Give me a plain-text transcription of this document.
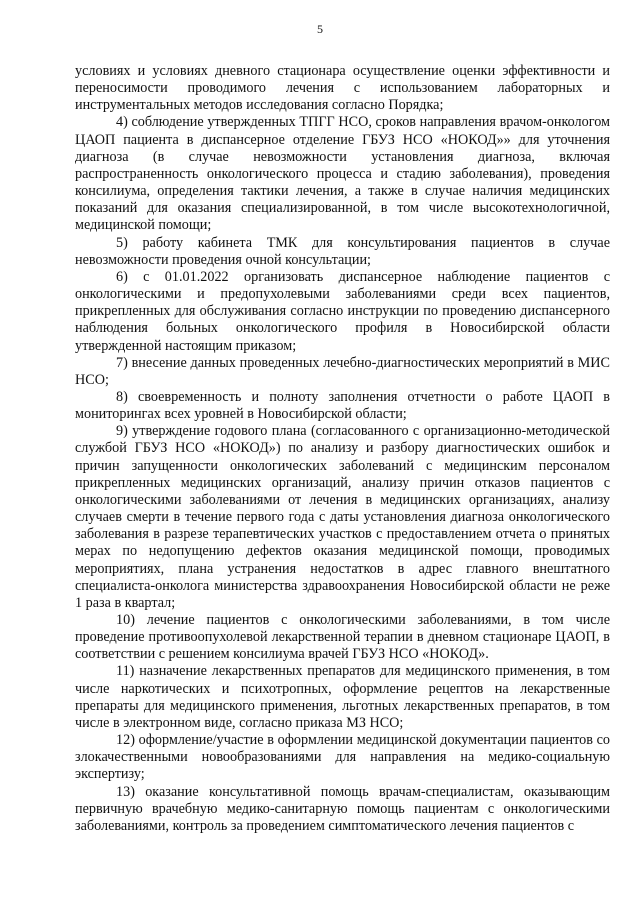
5

условиях и условиях дневного стационара осуществление оценки эффективности и переносимости проводимого лечения с использованием лабораторных и инструментальных методов исследования согласно Порядка;

4) соблюдение утвержденных ТПГГ НСО, сроков направления врачом-онкологом ЦАОП пациента в диспансерное отделение ГБУЗ НСО «НОКОД»» для уточнения диагноза (в случае невозможности установления диагноза, включая распространенность онкологического процесса и стадию заболевания), проведения консилиума, определения тактики лечения, а также в случае наличия медицинских показаний для оказания специализированной, в том числе высокотехнологичной, медицинской помощи;

5) работу кабинета ТМК для консультирования пациентов в случае невозможности проведения очной консультации;

6) с 01.01.2022 организовать диспансерное наблюдение пациентов с онкологическими и предопухолевыми заболеваниями среди всех пациентов, прикрепленных для обслуживания согласно инструкции по проведению диспансерного наблюдения больных онкологического профиля в Новосибирской области утвержденной настоящим приказом;

7) внесение данных проведенных лечебно-диагностических мероприятий в МИС НСО;

8) своевременность и полноту заполнения отчетности о работе ЦАОП в мониторингах всех уровней в Новосибирской области;

9) утверждение годового плана (согласованного с организационно-методической службой ГБУЗ НСО «НОКОД») по анализу и разбору диагностических ошибок и причин запущенности онкологических заболеваний с медицинским персоналом прикрепленных медицинских организаций, анализу причин отказов пациентов с онкологическими заболеваниями от лечения в медицинских организациях, анализу случаев смерти в течение первого года с даты установления диагноза онкологического заболевания в разрезе терапевтических участков с предоставлением отчета о принятых мерах по недопущению дефектов оказания медицинской помощи, проводимых мероприятиях, плана устранения недостатков в адрес главного внештатного специалиста-онколога министерства здравоохранения Новосибирской области не реже 1 раза в квартал;

10) лечение пациентов с онкологическими заболеваниями, в том числе проведение противоопухолевой лекарственной терапии в дневном стационаре ЦАОП, в соответствии с решением консилиума врачей ГБУЗ НСО «НОКОД».

11) назначение лекарственных препаратов для медицинского применения, в том числе наркотических и психотропных, оформление рецептов на лекарственные препараты для медицинского применения, льготных лекарственных препаратов, в том числе в электронном виде, согласно приказа МЗ НСО;

12) оформление/участие в оформлении медицинской документации пациентов со злокачественными новообразованиями для направления на медико-социальную экспертизу;

13) оказание консультативной помощь врачам-специалистам, оказывающим первичную врачебную медико-санитарную помощь пациентам с онкологическими заболеваниями, контроль за проведением симптоматического лечения пациентов с
